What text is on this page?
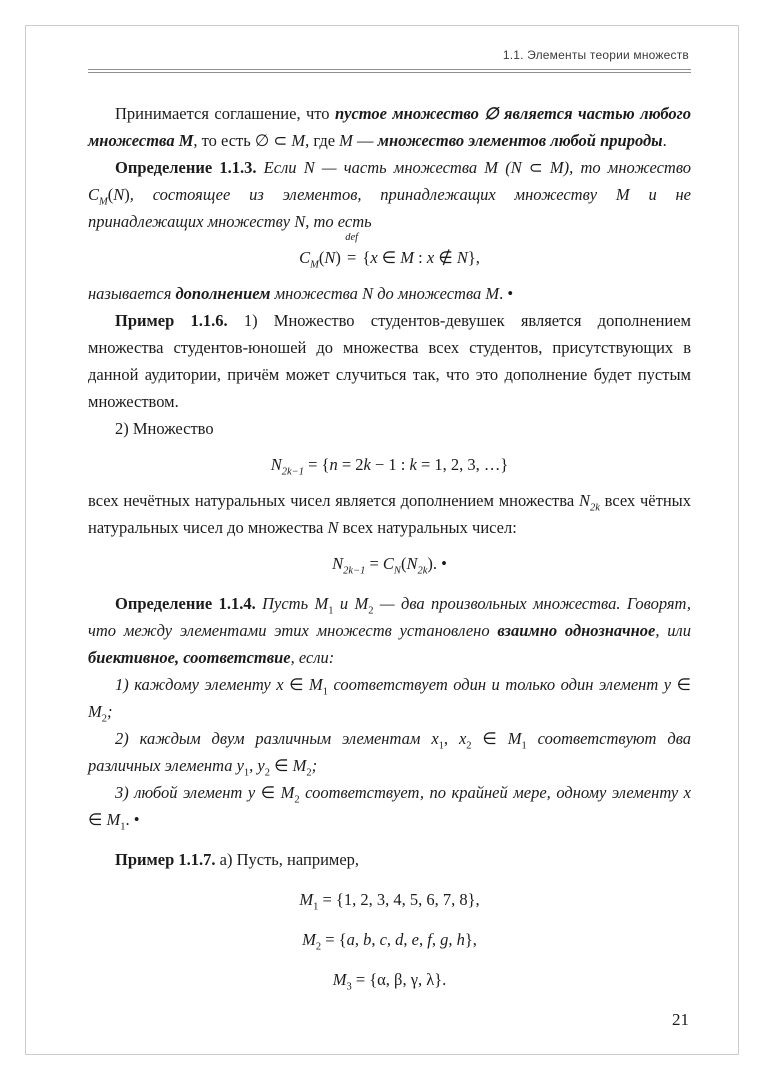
1.1. Элементы теории множеств

Принимается соглашение, что пустое множество ∅ является частью любого множества М, то есть ∅ ⊂ M, где M — множество элементов любой природы.

Определение 1.1.3. Если N — часть множества M (N ⊂ M), то множество $C_M(N)$, состоящее из элементов, принадлежащих множеству M и не принадлежащих множеству N, то есть

$C_M(N)$
def
= {x ∈ M : x ∉ N},

называется дополнением множества N до множества M. •

Пример 1.1.6. 1) Множество студентов-девушек является дополнением множества студентов-юношей до множества всех студентов, присутствующих в данной аудитории, причём может случиться так, что это дополнение будет пустым множеством.

2) Множество

$N_{2k-1} = \{n = 2k - 1$ : k = 1, 2, 3, …}

всех нечётных натуральных чисел является дополнением множества $N_{2k}$ всех чётных натуральных чисел до множества N всех натуральных чисел:

$N_{2k-1} = C_N(N_{2k})$. •

Определение 1.1.4. Пусть $M_1$ и $M_2$ — два произвольных множества. Говорят, что между элементами этих множеств установлено взаимно однозначное, или биективное, соответствие, если:

1) каждому элементу x ∈ $M_1$ соответствует один и только один элемент y ∈ $M_2$;

2) каждым двум различным элементам $x_1$, $x_2$ ∈ $M_1$ соответствуют два различных элемента $y_1$, $y_2$ ∈ $M_2$;

3) любой элемент y ∈ $M_2$ соответствует, по крайней мере, одному элементу x ∈ $M_1$. •

Пример 1.1.7. а) Пусть, например,

$M_1 = \{1$, 2, 3, 4, 5, 6, 7, 8},
$M_2 = \{a$, b, c, d, e, f, g, h},
$M_3 = \{\alpha$, β, γ, λ}.
21
